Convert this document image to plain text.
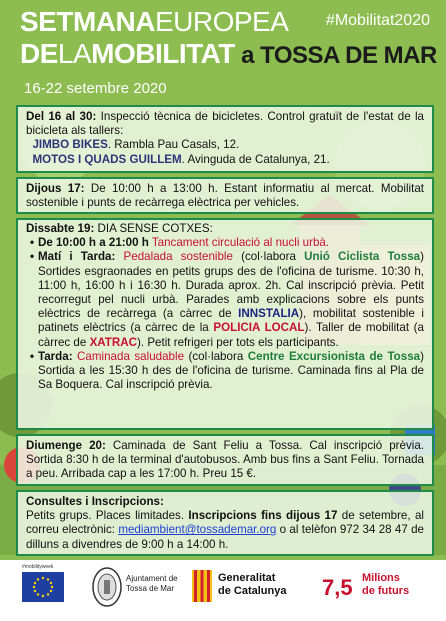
SETMANAEUROPEA
DELAMOBILITAT a TOSSA DE MAR
#Mobilitat2020
16-22 setembre 2020
Del 16 al 30: Inspecció tècnica de bicicletes. Control gratuït de l'estat de la bicicleta als tallers:
JIMBO BIKES. Rambla Pau Casals, 12.
MOTOS I QUADS GUILLEM. Avinguda de Catalunya, 21.
Dijous 17: De 10:00 h a 13:00 h. Estant informatiu al mercat. Mobilitat sostenible i punts de recàrrega elèctrica per vehicles.
Dissabte 19: DIA SENSE COTXES:
• De 10:00 h a 21:00 h Tancament circulació al nucli urbà.
• Matí i Tarda: Pedalada sostenible (col·labora Unió Ciclista Tossa) Sortides esgraonades en petits grups des de l'oficina de turisme. 10:30 h, 11:00 h, 16:00 h i 16:30 h. Durada aprox. 2h. Cal inscripció prèvia. Petit recorregut pel nucli urbà. Parades amb explicacions sobre els punts elèctrics de recàrrega (a càrrec de INNSTALIA), mobilitat sostenible i patinets elèctrics (a càrrec de la POLICIA LOCAL). Taller de mobilitat (a càrrec de XATRAC). Petit refrigeri per tots els participants.
• Tarda: Caminada saludable (col·labora Centre Excursionista de Tossa) Sortida a les 15:30 h des de l'oficina de turisme. Caminada fins al Pla de Sa Boquera. Cal inscripció prèvia.
Diumenge 20: Caminada de Sant Feliu a Tossa. Cal inscripció prèvia. Sortida 8:30 h de la terminal d'autobusos. Amb bus fins a Sant Feliu. Tornada a peu. Arribada cap a les 17:00 h. Preu 15 €.
Consultes i Inscripcions:
Petits grups. Places limitades. Inscripcions fins dijous 17 de setembre, al correu electrònic: mediambient@tossademar.org o al telèfon 972 34 28 47 de dilluns a divendres de 9:00 h a 14:00 h.
#mobilityweek
Ajuntament de
Tossa de Mar
Generalitat
de Catalunya 7,5 Milions
de futurs
